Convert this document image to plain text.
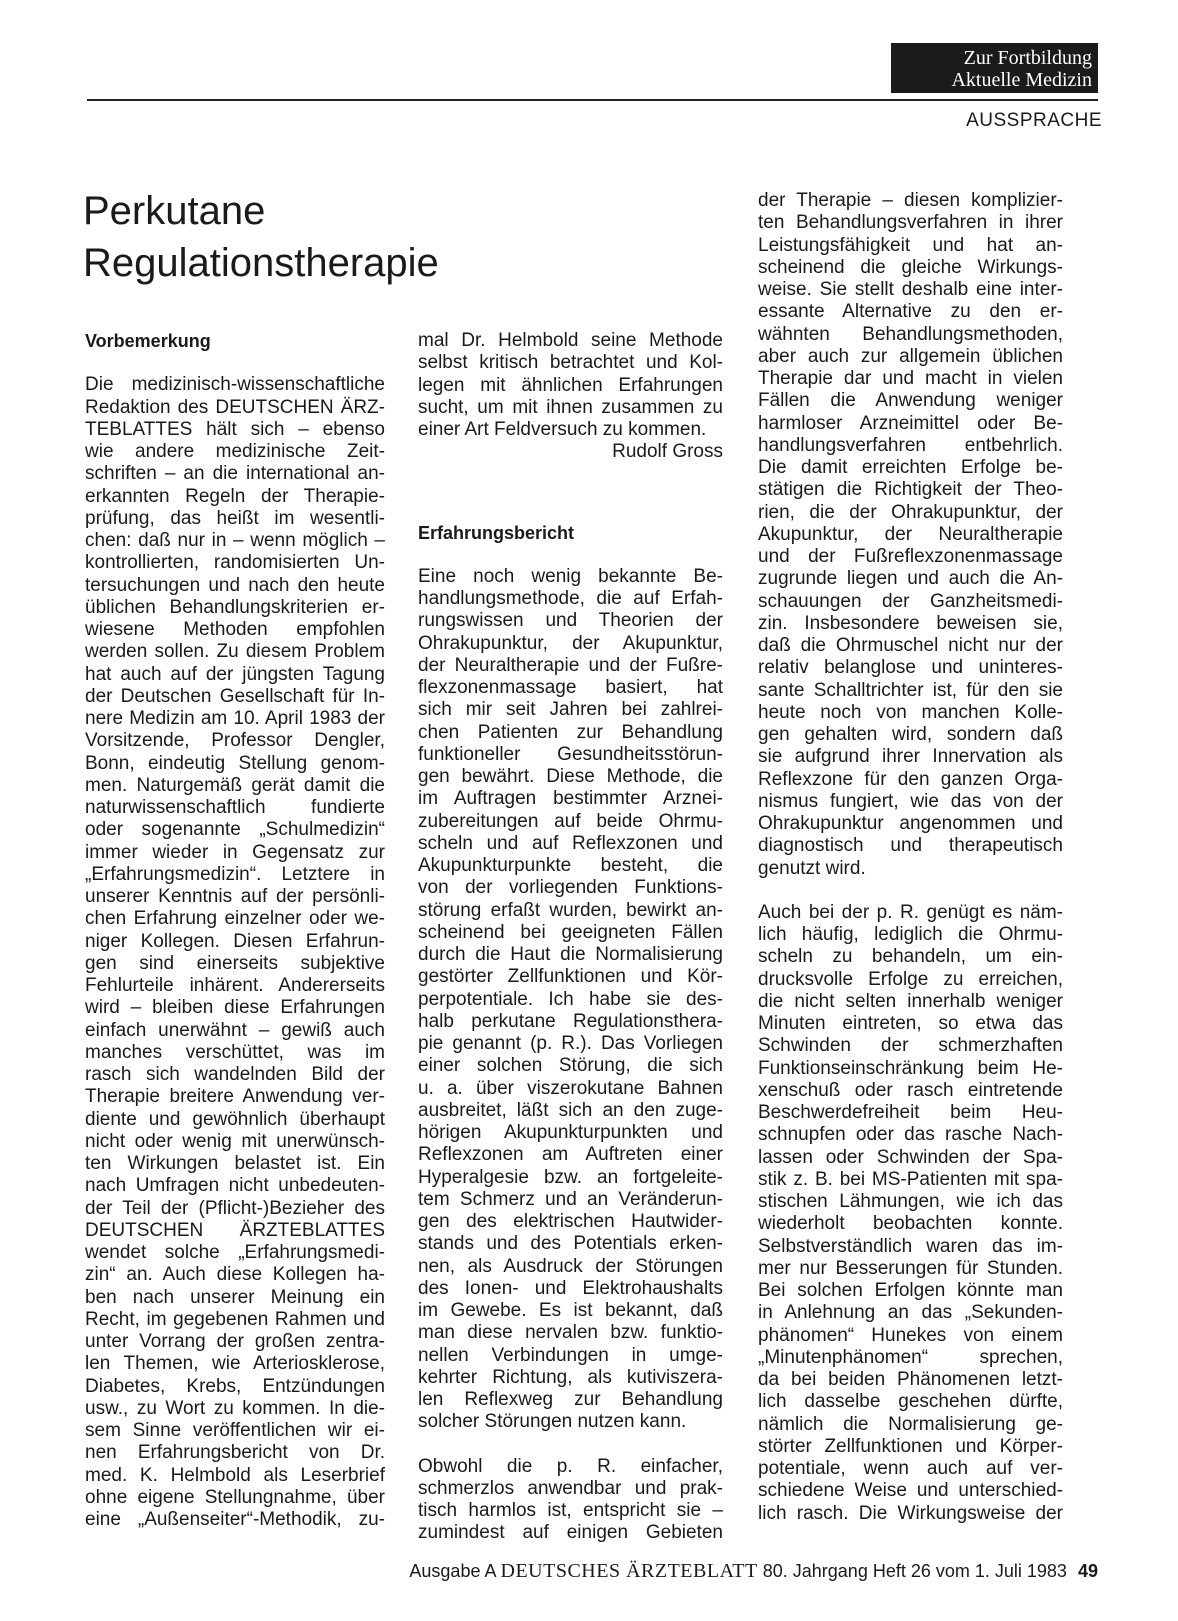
Zur Fortbildung
Aktuelle Medizin
AUSSPRACHE
Perkutane
Regulationstherapie
Vorbemerkung
Die medizinisch-wissenschaftliche
Redaktion des DEUTSCHEN ÄRZ-
TEBLATTES hält sich – ebenso
wie andere medizinische Zeit-
schriften – an die international an-
erkannten Regeln der Therapie-
prüfung, das heißt im wesentli-
chen: daß nur in – wenn möglich –
kontrollierten, randomisierten Un-
tersuchungen und nach den heute
üblichen Behandlungskriterien er-
wiesene Methoden empfohlen
werden sollen. Zu diesem Problem
hat auch auf der jüngsten Tagung
der Deutschen Gesellschaft für In-
nere Medizin am 10. April 1983 der
Vorsitzende, Professor Dengler,
Bonn, eindeutig Stellung genom-
men. Naturgemäß gerät damit die
naturwissenschaftlich fundierte
oder sogenannte „Schulmedizin“
immer wieder in Gegensatz zur
„Erfahrungsmedizin“. Letztere in
unserer Kenntnis auf der persönli-
chen Erfahrung einzelner oder we-
niger Kollegen. Diesen Erfahrun-
gen sind einerseits subjektive
Fehlurteile inhärent. Andererseits
wird – bleiben diese Erfahrungen
einfach unerwähnt – gewiß auch
manches verschüttet, was im
rasch sich wandelnden Bild der
Therapie breitere Anwendung ver-
diente und gewöhnlich überhaupt
nicht oder wenig mit unerwünsch-
ten Wirkungen belastet ist. Ein
nach Umfragen nicht unbedeuten-
der Teil der (Pflicht-)Bezieher des
DEUTSCHEN ÄRZTEBLATTES
wendet solche „Erfahrungsmedi-
zin“ an. Auch diese Kollegen ha-
ben nach unserer Meinung ein
Recht, im gegebenen Rahmen und
unter Vorrang der großen zentra-
len Themen, wie Arteriosklerose,
Diabetes, Krebs, Entzündungen
usw., zu Wort zu kommen. In die-
sem Sinne veröffentlichen wir ei-
nen Erfahrungsbericht von Dr.
med. K. Helmbold als Leserbrief
ohne eigene Stellungnahme, über
eine „Außenseiter“-Methodik, zu-
mal Dr. Helmbold seine Methode
selbst kritisch betrachtet und Kol-
legen mit ähnlichen Erfahrungen
sucht, um mit ihnen zusammen zu
einer Art Feldversuch zu kommen.
Rudolf Gross
Erfahrungsbericht
Eine noch wenig bekannte Be-
handlungsmethode, die auf Erfah-
rungswissen und Theorien der
Ohrakupunktur, der Akupunktur,
der Neuraltherapie und der Fußre-
flexzonenmassage basiert, hat
sich mir seit Jahren bei zahlrei-
chen Patienten zur Behandlung
funktioneller Gesundheitsstörun-
gen bewährt. Diese Methode, die
im Auftragen bestimmter Arznei-
zubereitungen auf beide Ohrmu-
scheln und auf Reflexzonen und
Akupunkturpunkte besteht, die
von der vorliegenden Funktions-
störung erfaßt wurden, bewirkt an-
scheinend bei geeigneten Fällen
durch die Haut die Normalisierung
gestörter Zellfunktionen und Kör-
perpotentiale. Ich habe sie des-
halb perkutane Regulationsthera-
pie genannt (p. R.). Das Vorliegen
einer solchen Störung, die sich
u. a. über viszerokutane Bahnen
ausbreitet, läßt sich an den zuge-
hörigen Akupunkturpunkten und
Reflexzonen am Auftreten einer
Hyperalgesie bzw. an fortgeleite-
tem Schmerz und an Veränderun-
gen des elektrischen Hautwider-
stands und des Potentials erken-
nen, als Ausdruck der Störungen
des Ionen- und Elektrohaushalts
im Gewebe. Es ist bekannt, daß
man diese nervalen bzw. funktio-
nellen Verbindungen in umge-
kehrter Richtung, als kutiviszera-
len Reflexweg zur Behandlung
solcher Störungen nutzen kann.
Obwohl die p. R. einfacher,
schmerzlos anwendbar und prak-
tisch harmlos ist, entspricht sie –
zumindest auf einigen Gebieten
der Therapie – diesen komplizier-
ten Behandlungsverfahren in ihrer
Leistungsfähigkeit und hat an-
scheinend die gleiche Wirkungs-
weise. Sie stellt deshalb eine inter-
essante Alternative zu den er-
wähnten Behandlungsmethoden,
aber auch zur allgemein üblichen
Therapie dar und macht in vielen
Fällen die Anwendung weniger
harmloser Arzneimittel oder Be-
handlungsverfahren entbehrlich.
Die damit erreichten Erfolge be-
stätigen die Richtigkeit der Theo-
rien, die der Ohrakupunktur, der
Akupunktur, der Neuraltherapie
und der Fußreflexzonenmassage
zugrunde liegen und auch die An-
schauungen der Ganzheitsmedi-
zin. Insbesondere beweisen sie,
daß die Ohrmuschel nicht nur der
relativ belanglose und uninteres-
sante Schalltrichter ist, für den sie
heute noch von manchen Kolle-
gen gehalten wird, sondern daß
sie aufgrund ihrer Innervation als
Reflexzone für den ganzen Orga-
nismus fungiert, wie das von der
Ohrakupunktur angenommen und
diagnostisch und therapeutisch
genutzt wird.
Auch bei der p. R. genügt es näm-
lich häufig, lediglich die Ohrmu-
scheln zu behandeln, um ein-
drucksvolle Erfolge zu erreichen,
die nicht selten innerhalb weniger
Minuten eintreten, so etwa das
Schwinden der schmerzhaften
Funktionseinschränkung beim He-
xenschuß oder rasch eintretende
Beschwerdefreiheit beim Heu-
schnupfen oder das rasche Nach-
lassen oder Schwinden der Spa-
stik z. B. bei MS-Patienten mit spa-
stischen Lähmungen, wie ich das
wiederholt beobachten konnte.
Selbstverständlich waren das im-
mer nur Besserungen für Stunden.
Bei solchen Erfolgen könnte man
in Anlehnung an das „Sekunden-
phänomen“ Hunekes von einem
„Minutenphänomen“ sprechen,
da bei beiden Phänomenen letzt-
lich dasselbe geschehen dürfte,
nämlich die Normalisierung ge-
störter Zellfunktionen und Körper-
potentiale, wenn auch auf ver-
schiedene Weise und unterschied-
lich rasch. Die Wirkungsweise der
Ausgabe A DEUTSCHES ÄRZTEBLATT 80. Jahrgang Heft 26 vom 1. Juli 1983 49
